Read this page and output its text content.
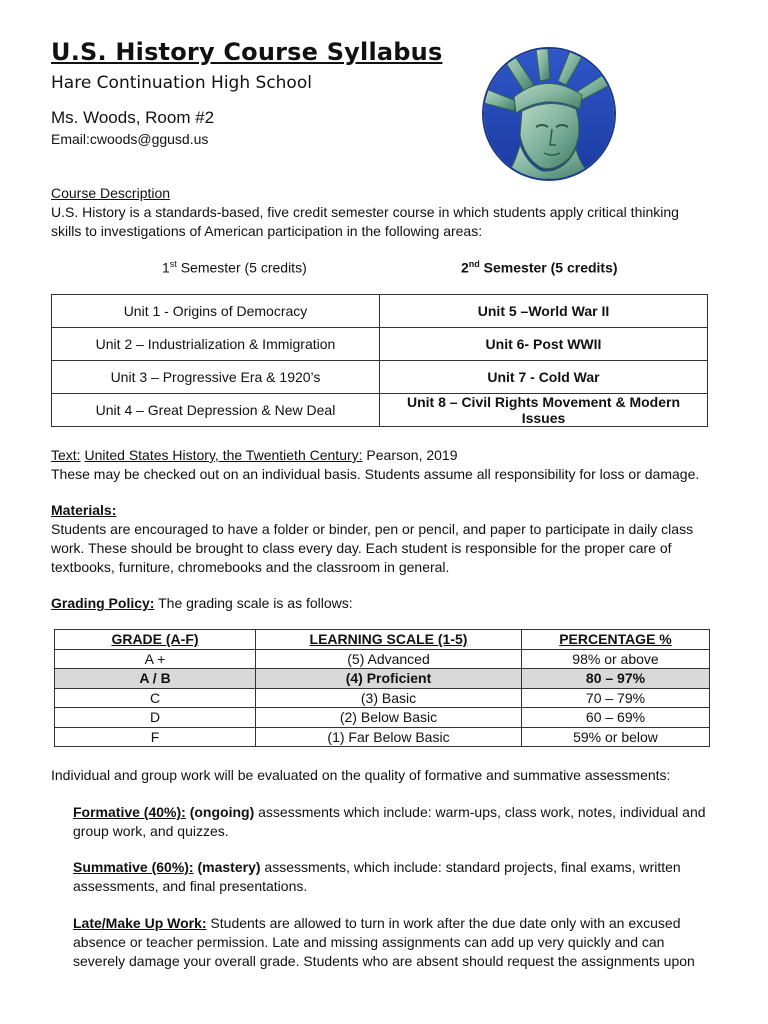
U.S. History Course Syllabus
Hare Continuation High School
Ms. Woods, Room #2
Email:cwoods@ggusd.us
Course Description
U.S. History is a standards-based, five credit semester course in which students apply critical thinking skills to investigations of American participation in the following areas:
1st Semester (5 credits)	2nd Semester (5 credits)
Unit 1 - Origins of Democracy	Unit 5 –World War II
Unit 2 – Industrialization & Immigration	Unit 6- Post WWII
Unit 3 – Progressive Era & 1920’s	Unit 7 - Cold War
Unit 4 – Great Depression & New Deal	Unit 8 – Civil Rights Movement & Modern Issues
Text: United States History, the Twentieth Century: Pearson, 2019
These may be checked out on an individual basis. Students assume all responsibility for loss or damage.
Materials:
Students are encouraged to have a folder or binder, pen or pencil, and paper to participate in daily class work. These should be brought to class every day. Each student is responsible for the proper care of textbooks, furniture, chromebooks and the classroom in general.
Grading Policy: The grading scale is as follows:
GRADE (A-F)	LEARNING SCALE (1-5)	PERCENTAGE %
A +	(5) Advanced	98% or above
A / B	(4) Proficient	80 – 97%
C	(3) Basic	70 – 79%
D	(2) Below Basic	60 – 69%
F	(1) Far Below Basic	59% or below
Individual and group work will be evaluated on the quality of formative and summative assessments:
Formative (40%): (ongoing) assessments which include: warm-ups, class work, notes, individual and group work, and quizzes.
Summative (60%): (mastery) assessments, which include: standard projects, final exams, written assessments, and final presentations.
Late/Make Up Work: Students are allowed to turn in work after the due date only with an excused absence or teacher permission. Late and missing assignments can add up very quickly and can severely damage your overall grade. Students who are absent should request the assignments upon
